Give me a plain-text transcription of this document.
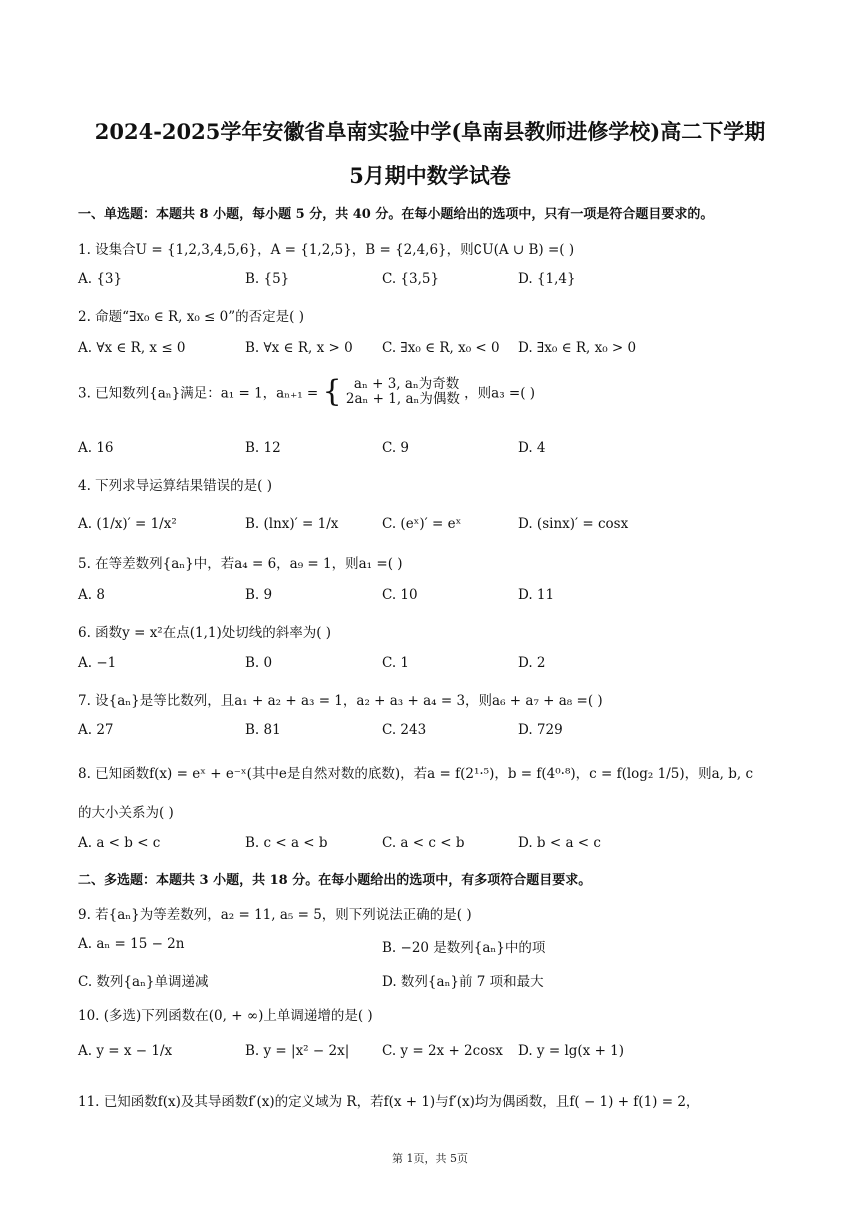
2024-2025学年安徽省阜南实验中学(阜南县教师进修学校)高二下学期
5月期中数学试卷
一、单选题：本题共 8 小题，每小题 5 分，共 40 分。在每小题给出的选项中，只有一项是符合题目要求的。
1. 设集合U = {1,2,3,4,5,6}，A = {1,2,5}，B = {2,4,6}，则∁U(A ∪ B) =( )
A. {3}	B. {5}	C. {3,5}	D. {1,4}
2. 命题“∃x₀ ∈ R, x₀ ≤ 0”的否定是( )
A. ∀x ∈ R, x ≤ 0	B. ∀x ∈ R, x > 0 C. ∃x₀ ∈ R, x₀ < 0 D. ∃x₀ ∈ R, x₀ > 0
3. 已知数列{aₙ}满足：a₁ = 1，aₙ₊₁ = { aₙ + 3, aₙ为奇数
2aₙ + 1, aₙ为偶数 ，则a₃ =( )
A. 16	B. 12	C. 9	D. 4
4. 下列求导运算结果错误的是( )
A. (1/x)′ = 1/x²	B. (lnx)′ = 1/x	C. (eˣ)′ = eˣ	D. (sinx)′ = cosx
5. 在等差数列{aₙ}中，若a₄ = 6，a₉ = 1，则a₁ =( )
A. 8	B. 9	C. 10	D. 11
6. 函数y = x²在点(1,1)处切线的斜率为( )
A. −1	B. 0	C. 1	D. 2
7. 设{aₙ}是等比数列，且a₁ + a₂ + a₃ = 1，a₂ + a₃ + a₄ = 3，则a₆ + a₇ + a₈ =( )
A. 27	B. 81	C. 243	D. 729
8. 已知函数f(x) = eˣ + e⁻ˣ(其中e是自然对数的底数)，若a = f(2¹·⁵)，b = f(4⁰·⁸)，c = f(log₂ 1/5)，则a, b, c
的大小关系为( )
A. a < b < c	B. c < a < b	C. a < c < b	D. b < a < c
二、多选题：本题共 3 小题，共 18 分。在每小题给出的选项中，有多项符合题目要求。
9. 若{aₙ}为等差数列，a₂ = 11, a₅ = 5，则下列说法正确的是( )
A. aₙ = 15 − 2n	B. −20 是数列{aₙ}中的项
C. 数列{aₙ}单调递减	D. 数列{aₙ}前 7 项和最大
10. (多选)下列函数在(0, + ∞)上单调递增的是( )
A. y = x − 1/x	B. y = |x² − 2x| C. y = 2x + 2cosx D. y = lg(x + 1)
11. 已知函数f(x)及其导函数f′(x)的定义域为 R，若f(x + 1)与f′(x)均为偶函数，且f( − 1) + f(1) = 2，
第 1页，共 5页
